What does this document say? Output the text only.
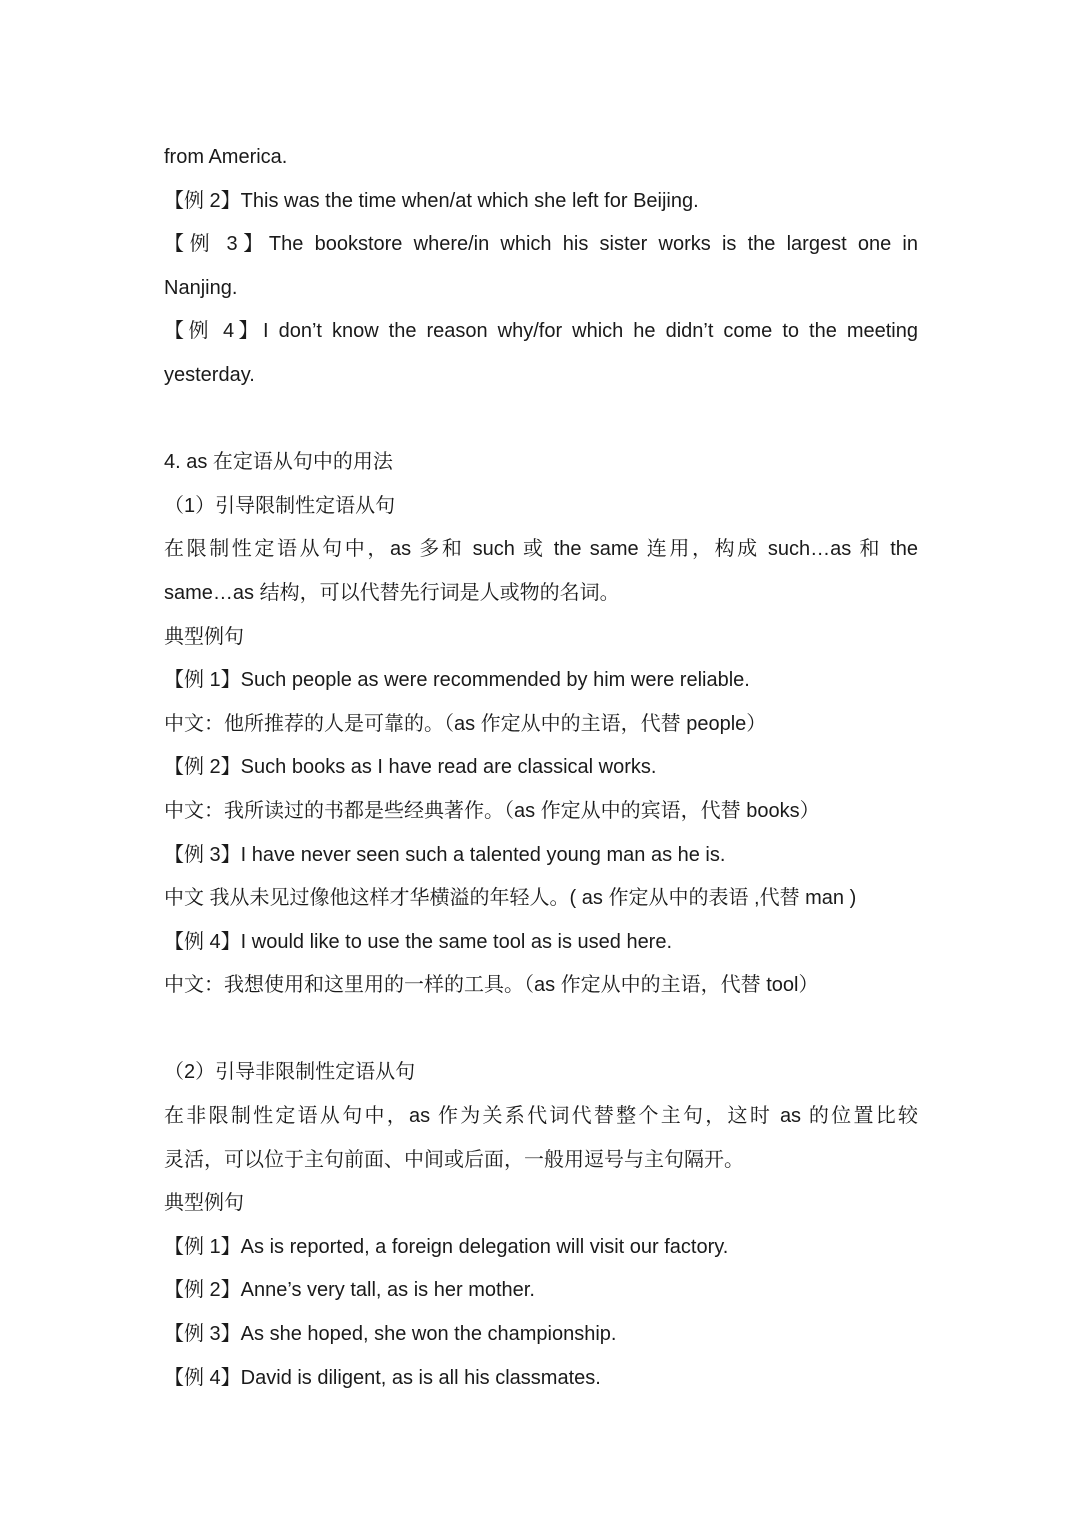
from America.
【例 2】This was the time when/at which she left for Beijing.
【例 3】The bookstore where/in which his sister works is the largest one in
Nanjing.
【例 4】I don’t know the reason why/for which he didn’t come to the meeting
yesterday.
4. as 在定语从句中的用法
（1）引导限制性定语从句
在限制性定语从句中，as 多和 such 或 the same 连用，构成 such…as 和 the
same…as 结构，可以代替先行词是人或物的名词。
典型例句
【例 1】Such people as were recommended by him were reliable.
中文：他所推荐的人是可靠的。（as 作定从中的主语，代替 people）
【例 2】Such books as I have read are classical works.
中文：我所读过的书都是些经典著作。（as 作定从中的宾语，代替 books）
【例 3】I have never seen such a talented young man as he is.
中文 我从未见过像他这样才华横溢的年轻人。( as 作定从中的表语 ,代替 man )
【例 4】I would like to use the same tool as is used here.
中文：我想使用和这里用的一样的工具。（as 作定从中的主语，代替 tool）
（2）引导非限制性定语从句
在非限制性定语从句中，as 作为关系代词代替整个主句，这时 as 的位置比较
灵活，可以位于主句前面、中间或后面，一般用逗号与主句隔开。
典型例句
【例 1】As is reported, a foreign delegation will visit our factory.
【例 2】Anne’s very tall, as is her mother.
【例 3】As she hoped, she won the championship.
【例 4】David is diligent, as is all his classmates.
